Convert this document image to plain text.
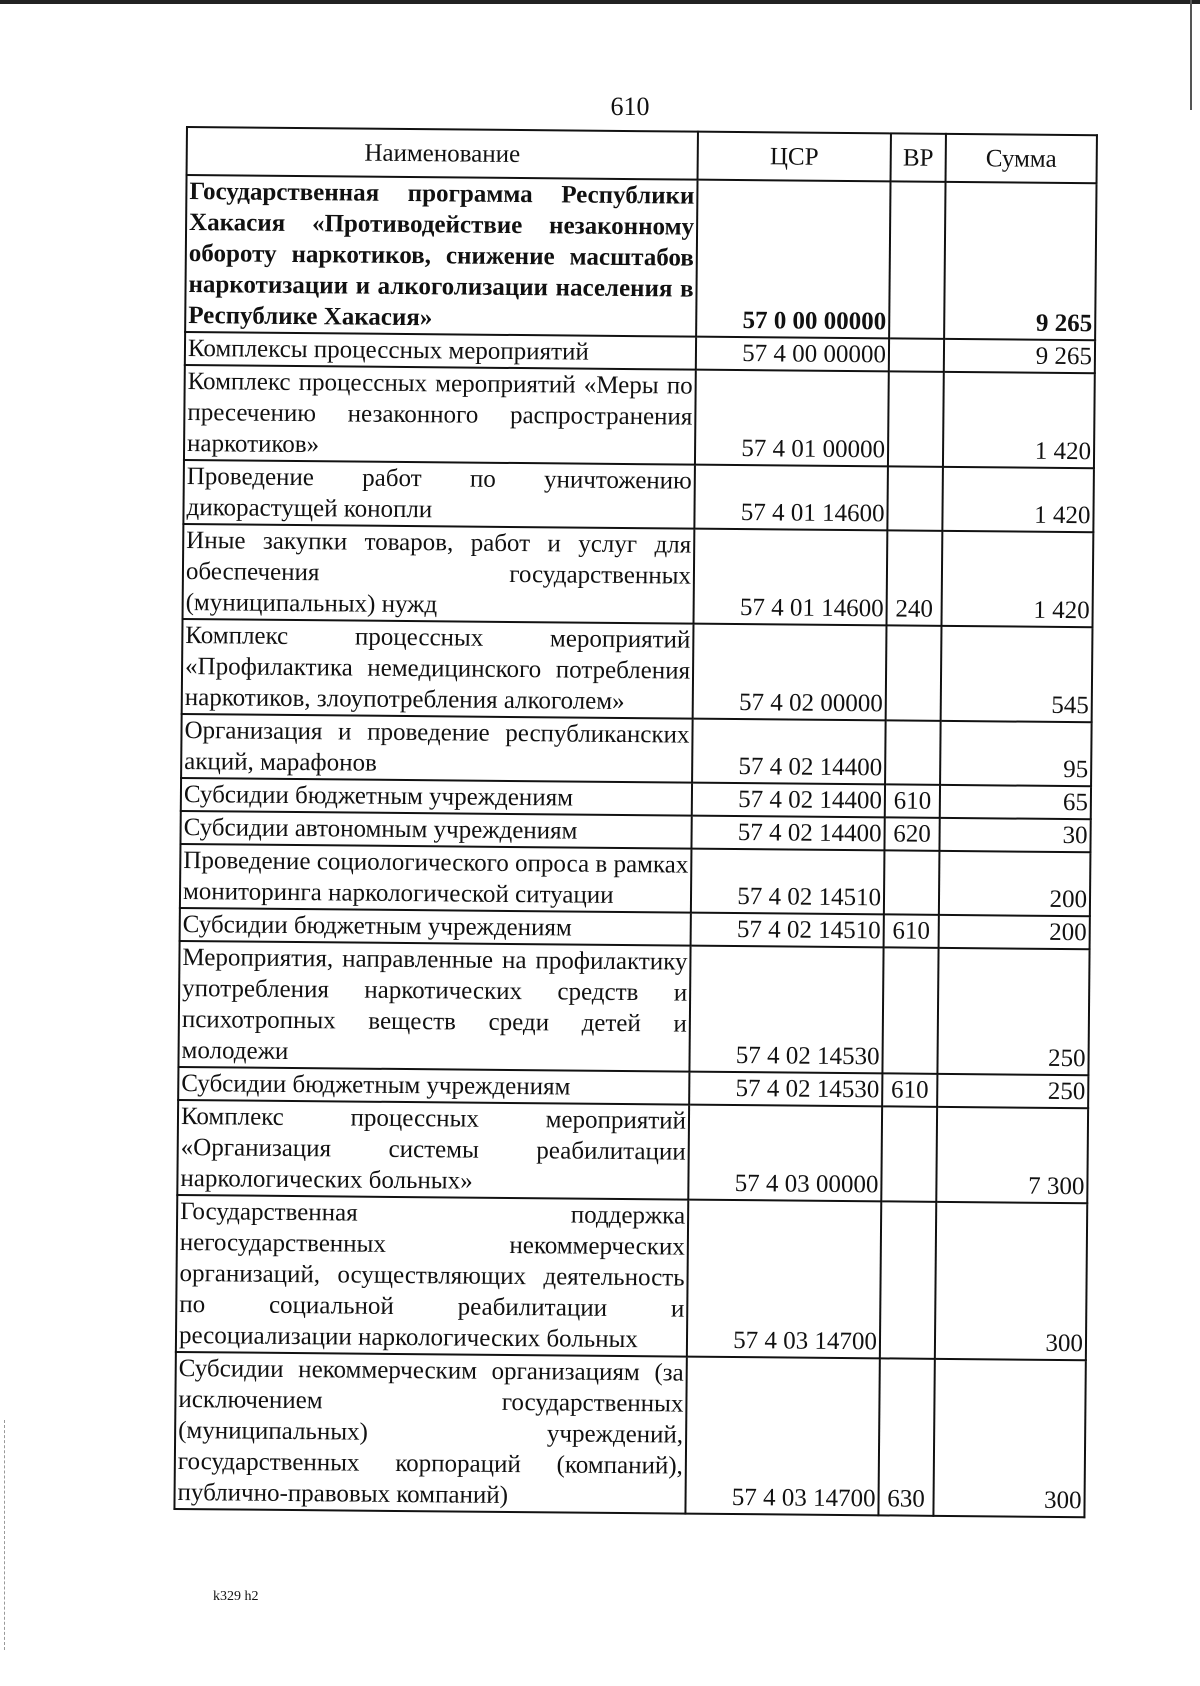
610
Наименование	ЦСР	ВР	Сумма
Государственная программа Республики Хакасия «Противодействие незаконному обороту наркотиков, снижение масштабов наркотизации и алкоголизации населения в Республике Хакасия»	57 0 00 00000		9 265
Комплексы процессных мероприятий	57 4 00 00000		9 265
Комплекс процессных мероприятий «Меры по пресечению незаконного распространения наркотиков»	57 4 01 00000		1 420
Проведение работ по уничтожению дикорастущей конопли	57 4 01 14600		1 420
Иные закупки товаров, работ и услуг для обеспечения государственных (муниципальных) нужд	57 4 01 14600	240	1 420
Комплекс процессных мероприятий «Профилактика немедицинского потребления наркотиков, злоупотребления алкоголем»	57 4 02 00000		545
Организация и проведение республиканских акций, марафонов	57 4 02 14400		95
Субсидии бюджетным учреждениям	57 4 02 14400	610	65
Субсидии автономным учреждениям	57 4 02 14400	620	30
Проведение социологического опроса в рамках мониторинга наркологической ситуации	57 4 02 14510		200
Субсидии бюджетным учреждениям	57 4 02 14510	610	200
Мероприятия, направленные на профилактику употребления наркотических средств и психотропных веществ среди детей и молодежи	57 4 02 14530		250
Субсидии бюджетным учреждениям	57 4 02 14530	610	250
Комплекс процессных мероприятий «Организация системы реабилитации наркологических больных»	57 4 03 00000		7 300
Государственная поддержка негосударственных некоммерческих организаций, осуществляющих деятельность по социальной реабилитации и ресоциализации наркологических больных	57 4 03 14700		300
Субсидии некоммерческим организациям (за исключением государственных (муниципальных) учреждений, государственных корпораций (компаний), публично-правовых компаний)	57 4 03 14700	630	300
k329 h2
